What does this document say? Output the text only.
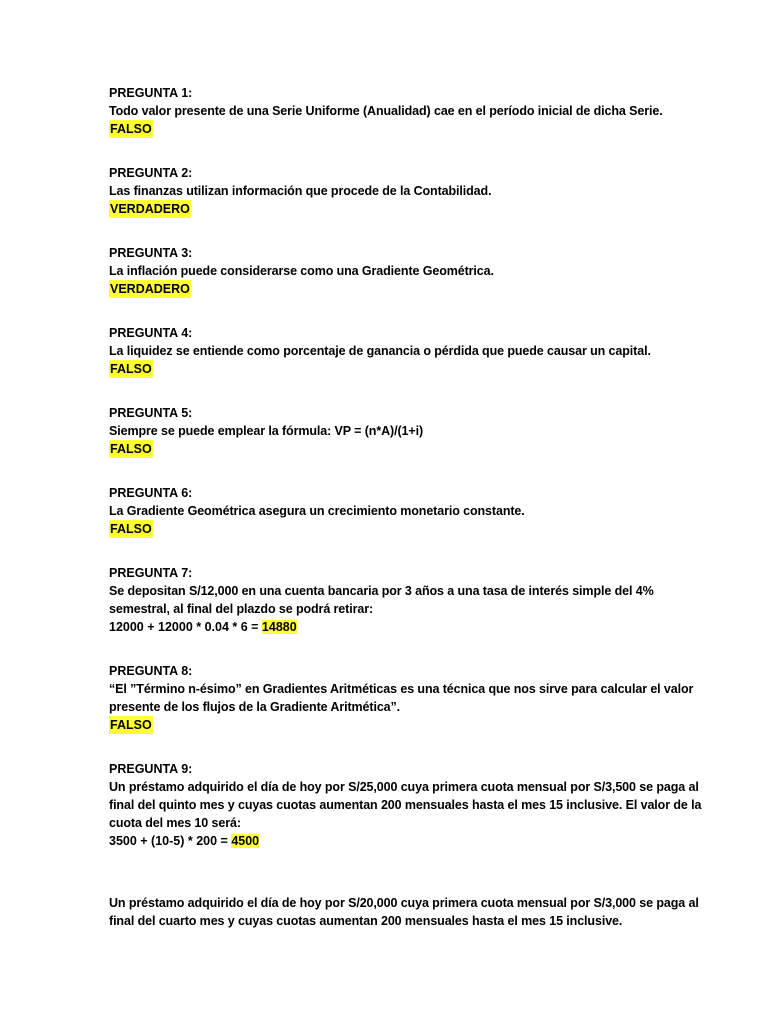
PREGUNTA 1:
Todo valor presente de una Serie Uniforme (Anualidad) cae en el período inicial de dicha Serie.
FALSO
PREGUNTA 2:
Las finanzas utilizan información que procede de la Contabilidad.
VERDADERO
PREGUNTA 3:
La inflación puede considerarse como una Gradiente Geométrica.
VERDADERO
PREGUNTA 4:
La liquidez se entiende como porcentaje de ganancia o pérdida que puede causar un capital.
FALSO
PREGUNTA 5:
Siempre se puede emplear la fórmula: VP = (n*A)/(1+i)
FALSO
PREGUNTA 6:
La Gradiente Geométrica asegura un crecimiento monetario constante.
FALSO
PREGUNTA 7:
Se depositan S/12,000 en una cuenta bancaria por 3 años a una tasa de interés simple del 4% semestral, al final del plazdo se podrá retirar:
12000 + 12000 * 0.04 * 6 = 14880
PREGUNTA 8:
“El ”Término n-ésimo” en Gradientes Aritméticas es una técnica que nos sirve para calcular el valor presente de los flujos de la Gradiente Aritmética”.
FALSO
PREGUNTA 9:
Un préstamo adquirido el día de hoy por S/25,000 cuya primera cuota mensual por S/3,500 se paga al final del quinto mes y cuyas cuotas aumentan 200 mensuales hasta el mes 15 inclusive. El valor de la cuota del mes 10 será:
3500 + (10-5) * 200 = 4500
Un préstamo adquirido el día de hoy por S/20,000 cuya primera cuota mensual por S/3,000 se paga al final del cuarto mes y cuyas cuotas aumentan 200 mensuales hasta el mes 15 inclusive.
